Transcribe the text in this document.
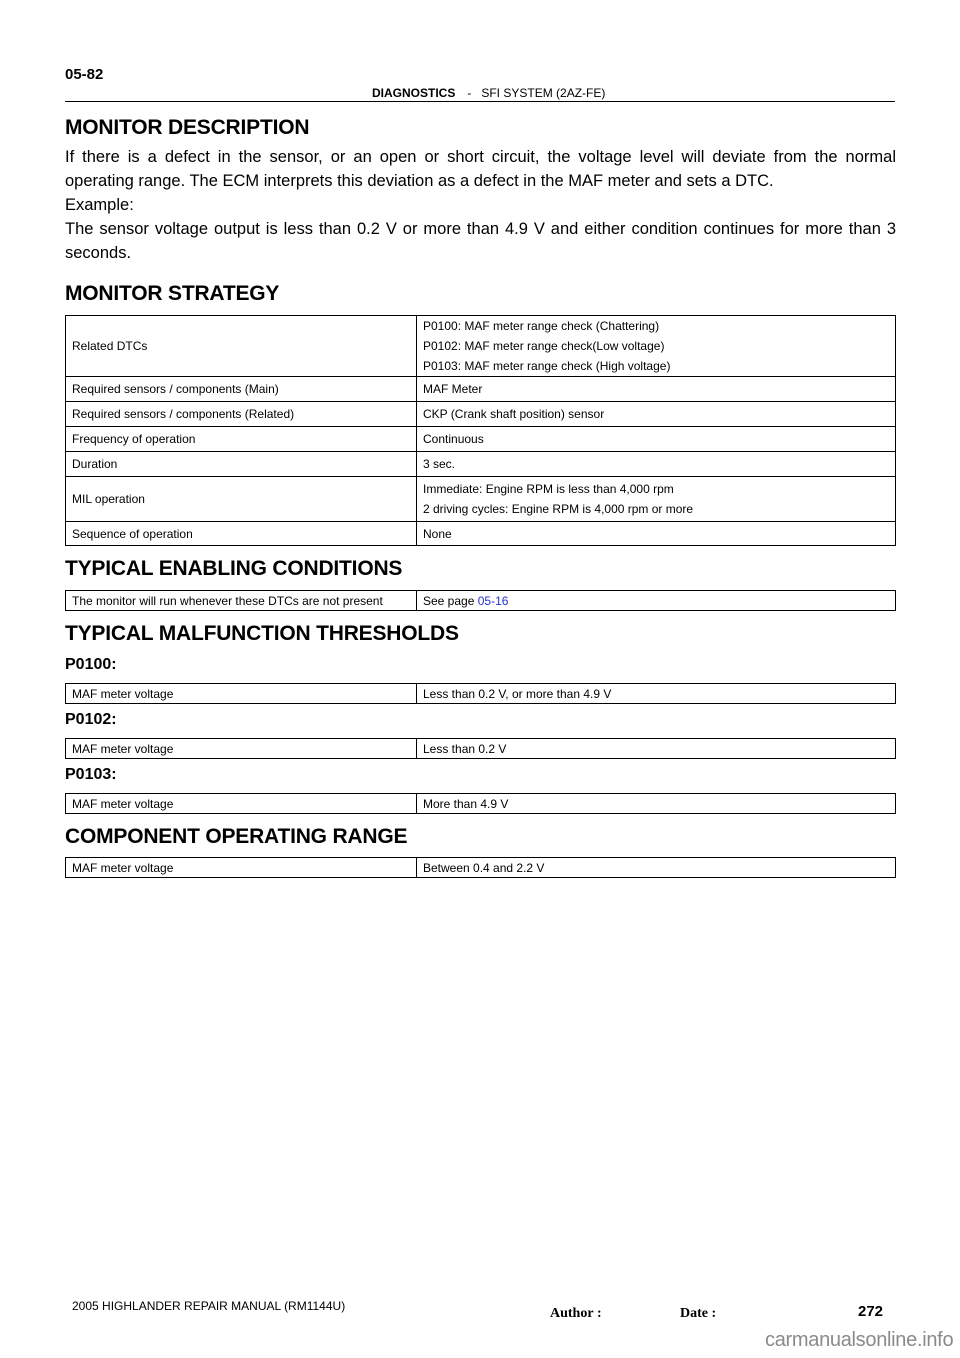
05-82
DIAGNOSTICS - SFI SYSTEM (2AZ-FE)
MONITOR DESCRIPTION

If there is a defect in the sensor, or an open or short circuit, the voltage level will deviate from the normal operating range. The ECM interprets this deviation as a defect in the MAF meter and sets a DTC.

Example:

The sensor voltage output is less than 0.2 V or more than 4.9 V and either condition continues for more than 3 seconds.

MONITOR STRATEGY
Related DTCs	P0100: MAF meter range check (Chattering)
P0102: MAF meter range check(Low voltage)
P0103: MAF meter range check (High voltage)

Required sensors / components (Main)	MAF Meter
Required sensors / components (Related)	CKP (Crank shaft position) sensor
Frequency of operation	Continuous
Duration	3 sec.
MIL operation	Immediate: Engine RPM is less than 4,000 rpm
2 driving cycles: Engine RPM is 4,000 rpm or more

Sequence of operation	None
TYPICAL ENABLING CONDITIONS
The monitor will run whenever these DTCs are not present	See page 05-16
TYPICAL MALFUNCTION THRESHOLDS
P0100:
MAF meter voltage	Less than 0.2 V, or more than 4.9 V
P0102:
MAF meter voltage	Less than 0.2 V
P0103:
MAF meter voltage	More than 4.9 V
COMPONENT OPERATING RANGE
MAF meter voltage	Between 0.4 and 2.2 V
2005 HIGHLANDER REPAIR MANUAL (RM1144U)	Author :	Date :	272
carmanualsonline.info
